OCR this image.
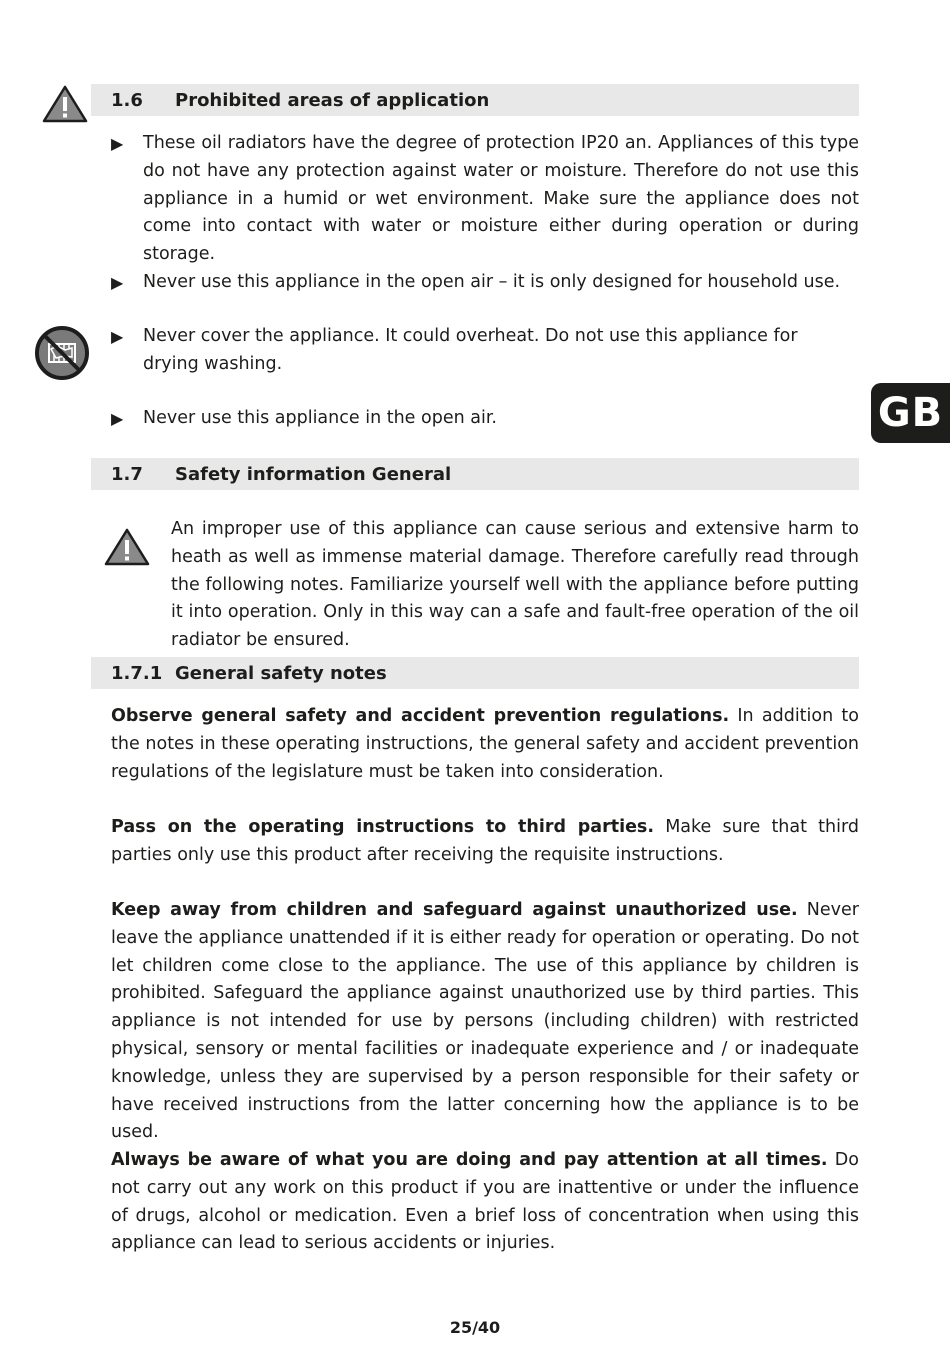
1.6	Prohibited areas of application
▶	These oil radiators have the degree of protection IP20 an. Appliances of this type do not have any protection against water or moisture. Therefore do not use this appliance in a humid or wet environment. Make sure the appliance does not come into contact with water or moisture either during operation or during storage.
▶	Never use this appliance in the open air – it is only designed for household use.
▶	Never cover the appliance. It could overheat. Do not use this appliance for drying washing.
▶	Never use this appliance in the open air.	GB
1.7	Safety information General
An improper use of this appliance can cause serious and extensive harm to heath as well as immense material damage. Therefore carefully read through the following notes. Familiarize yourself well with the appliance before putting it into operation. Only in this way can a safe and fault-free operation of the oil radiator be ensured.
1.7.1 General safety notes
Observe general safety and accident prevention regulations. In addition to the notes in these operating instructions, the general safety and accident prevention regulations of the legislature must be taken into consideration.
Pass on the operating instructions to third parties. Make sure that third parties only use this product after receiving the requisite instructions.
Keep away from children and safeguard against unauthorized use. Never leave the appliance unattended if it is either ready for operation or operating. Do not let children come close to the appliance. The use of this appliance by children is prohibited. Safeguard the appliance against unauthorized use by third parties. This appliance is not intended for use by persons (including children) with restricted physical, sensory or mental facilities or inadequate experience and / or inadequate knowledge, unless they are supervised by a person responsible for their safety or have received instructions from the latter concerning how the appliance is to be used.
Always be aware of what you are doing and pay attention at all times. Do not carry out any work on this product if you are inattentive or under the influence of drugs, alcohol or medication. Even a brief loss of concentration when using this appliance can lead to serious accidents or injuries.
25/40
